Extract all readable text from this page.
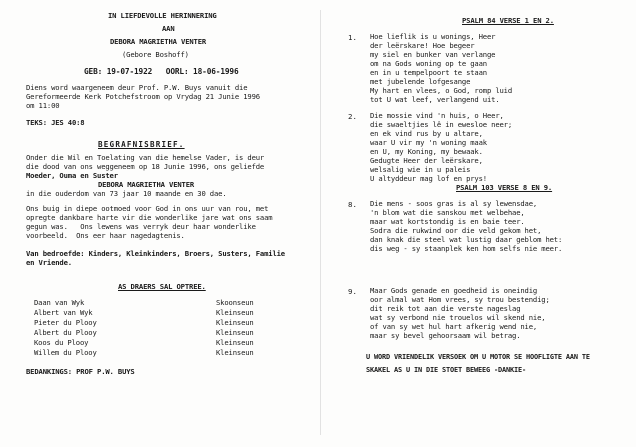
IN LIEFDEVOLLE HERINNERING
AAN
DEBORA MAGRIETHA VENTER
(Gebore Boshoff)
GEB: 19-07-1922   OORL: 18-06-1996
Diens word waargeneem deur Prof. P.W. Buys vanuit die
Gereformeerde Kerk Potchefstroom op Vrydag 21 Junie 1996
om 11:00
TEKS: JES 40:8
BEGRAFNISBRIEF.
Onder die Wil en Toelating van die hemelse Vader, is deur
die dood van ons weggeneem op 18 Junie 1996, ons geliefde
Moeder, Ouma en Suster
DEBORA MAGRIETHA VENTER
in die ouderdom van 73 jaar 10 maande en 30 dae.
Ons buig in diepe ootmoed voor God in ons uur van rou, met
opregte dankbare harte vir die wonderlike jare wat ons saam
gegun was.   Ons lewens was verryk deur haar wonderlike
voorbeeld.  Ons eer haar nagedagtenis.
Van bedroefde: Kinders, Kleinkinders, Broers, Susters, Familie
en Vriende.
AS DRAERS SAL OPTREE.
Daan van Wyk	Skoonseun
Albert van Wyk	Kleinseun
Pieter du Plooy	Kleinseun
Albert du Plooy	Kleinseun
Koos du Plooy	Kleinseun
Willem du Plooy	Kleinseun
BEDANKINGS: PROF P.W. BUYS
PSALM 84 VERSE 1 EN 2.
1. Hoe lieflik is u wonings, Heer
der leërskare! Hoe begeer
my siel en bunker van verlange
om na Gods woning op te gaan
en in u tempelpoort te staan
met jubelende lofgesange
My hart en vlees, o God, romp luid
tot U wat leef, verlangend uit.
2. Die mossie vind 'n huis, o Heer,
die swaeltjies lê in ewesloe neer;
en ek vind rus by u altare,
waar U vir my 'n woning maak
en U, my Koning, my bewaak.
Gedugte Heer der leërskare,
welsalig wie in u paleis
U altyddeur mag lof en prys!
PSALM 103 VERSE 8 EN 9.
8. Die mens - soos gras is al sy lewensdae,
'n blom wat die sanskou met welbehae,
maar wat kortstondig is en baie teer.
Sodra die rukwind oor die veld gekom het,
dan knak die steel wat lustig daar geblom het:
dis weg - sy staanplek ken hom selfs nie meer.
9. Maar Gods genade en goedheid is oneindig
oor almal wat Hom vrees, sy trou bestendig;
dit reik tot aan die verste nageslag
wat sy verbond nie trouelos wil skend nie,
of van sy wet hul hart afkerig wend nie,
maar sy bevel gehoorsaam wil betrag.
U WORD VRIENDELIK VERSOEK OM U MOTOR SE HOOFLIGTE AAN TE
SKAKEL AS U IN DIE STOET BEWEEG -DANKIE-
